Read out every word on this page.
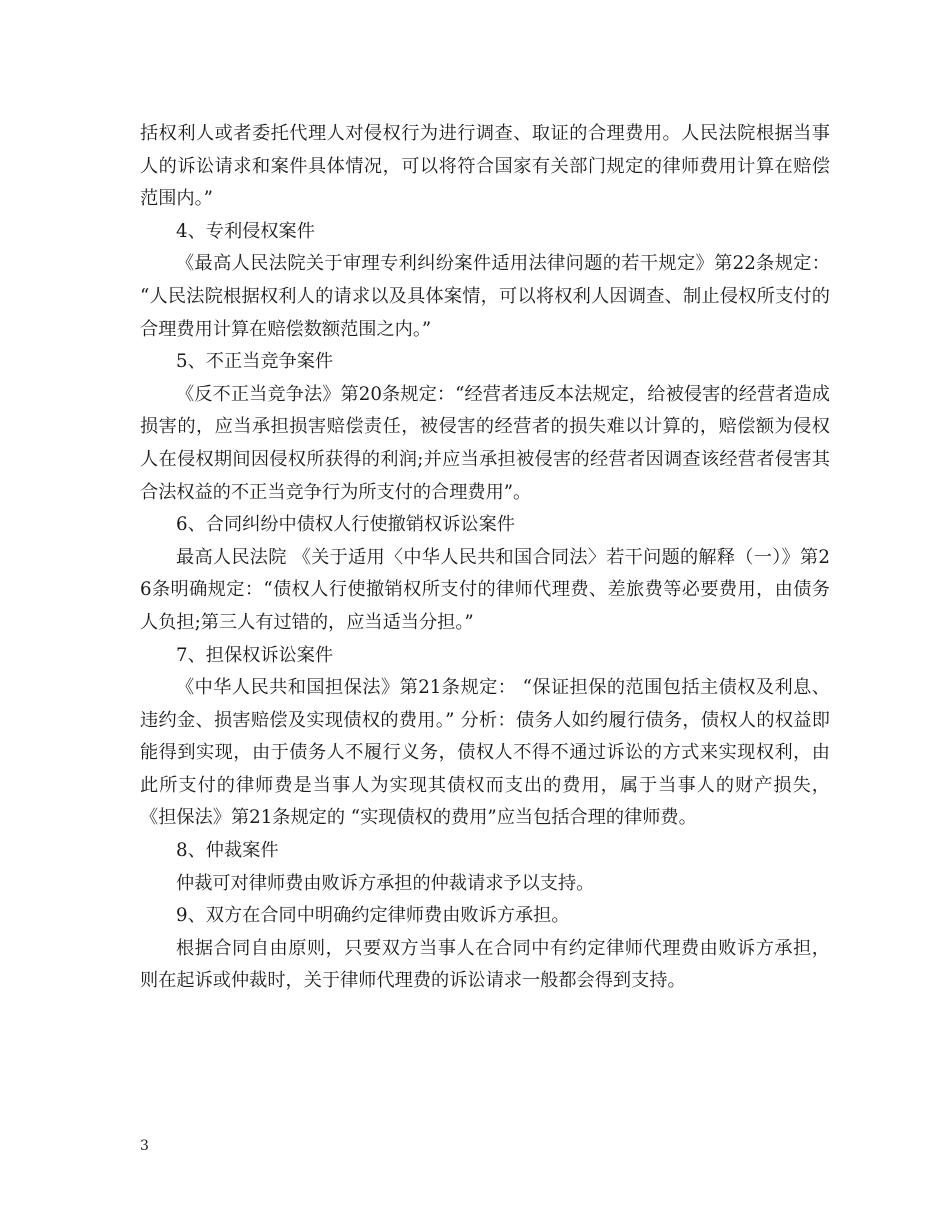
括权利人或者委托代理人对侵权行为进行调查、取证的合理费用。人民法院根据当事人的诉讼请求和案件具体情况，可以将符合国家有关部门规定的律师费用计算在赔偿范围内。”

4、专利侵权案件

《最高人民法院关于审理专利纠纷案件适用法律问题的若干规定》第22条规定： “人民法院根据权利人的请求以及具体案情，可以将权利人因调查、制止侵权所支付的合理费用计算在赔偿数额范围之内。”

5、不正当竞争案件

《反不正当竞争法》第20条规定：“经营者违反本法规定，给被侵害的经营者造成损害的，应当承担损害赔偿责任，被侵害的经营者的损失难以计算的，赔偿额为侵权人在侵权期间因侵权所获得的利润;并应当承担被侵害的经营者因调查该经营者侵害其合法权益的不正当竞争行为所支付的合理费用”。

6、合同纠纷中债权人行使撤销权诉讼案件

最高人民法院 《关于适用〈中华人民共和国合同法〉若干问题的解释（一）》第26条明确规定：“债权人行使撤销权所支付的律师代理费、差旅费等必要费用，由债务人负担;第三人有过错的，应当适当分担。”

7、担保权诉讼案件

《中华人民共和国担保法》第21条规定： “保证担保的范围包括主债权及利息、违约金、损害赔偿及实现债权的费用。” 分析：债务人如约履行债务，债权人的权益即能得到实现，由于债务人不履行义务，债权人不得不通过诉讼的方式来实现权利，由此所支付的律师费是当事人为实现其债权而支出的费用，属于当事人的财产损失， 《担保法》第21条规定的 “实现债权的费用”应当包括合理的律师费。

8、仲裁案件

仲裁可对律师费由败诉方承担的仲裁请求予以支持。

9、双方在合同中明确约定律师费由败诉方承担。

根据合同自由原则，只要双方当事人在合同中有约定律师代理费由败诉方承担，则在起诉或仲裁时，关于律师代理费的诉讼请求一般都会得到支持。

3
